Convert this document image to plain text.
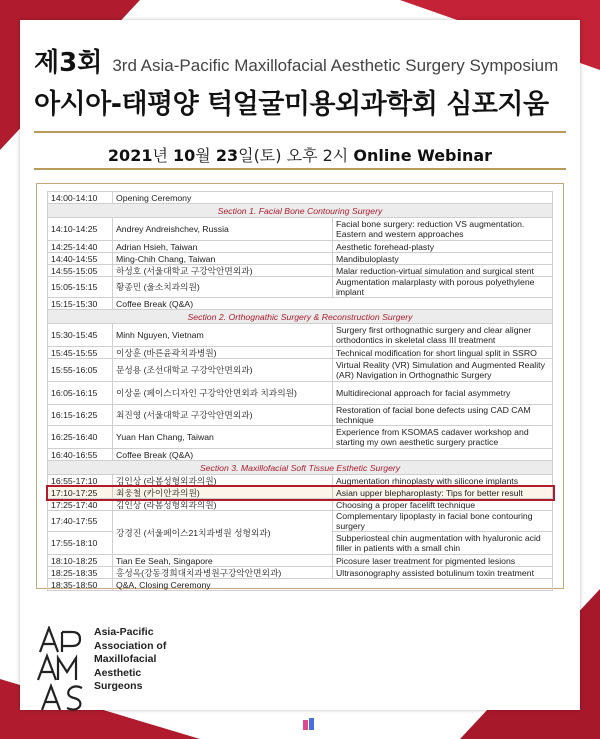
제3회 3rd Asia-Pacific Maxillofacial Aesthetic Surgery Symposium
아시아-태평양 턱얼굴미용외과학회 심포지움
2021년 10월 23일(토) 오후 2시 Online Webinar
14:00-14:10	Opening Ceremony	
Section 1. Facial Bone Contouring Surgery		
14:10-14:25	Andrey Andreishchev, Russia	Facial bone surgery: reduction VS augmentation. Eastern and western approaches
14:25-14:40	Adrian Hsieh, Taiwan	Aesthetic forehead-plasty
14:40-14:55	Ming-Chih Chang, Taiwan	Mandibuloplasty
14:55-15:05	하성호 (서울대학교 구강악안면외과)	Malar reduction-virtual simulation and surgical stent
15:05-15:15	황종민 (울소치과의원)	Augmentation malarplasty with porous polyethylene implant
15:15-15:30	Coffee Break (Q&A)	
Section 2. Orthognathic Surgery & Reconstruction Surgery		
15:30-15:45	Minh Nguyen, Vietnam	Surgery first orthognathic surgery and clear aligner orthodontics in skeletal class III treatment
15:45-15:55	이상훈 (바른윤곽치과병원)	Technical modification for short lingual split in SSRO
15:55-16:05	문성용 (조선대학교 구강악안면외과)	Virtual Reality (VR) Simulation and Augmented Reality (AR) Navigation in Orthognathic Surgery
16:05-16:15	이상윤 (페이스디자인 구강악안면외과 치과의원)	Multidirecional approach for facial asymmetry
16:15-16:25	최진영 (서울대학교 구강악안면외과)	Restoration of facial bone defects using CAD CAM technique
16:25-16:40	Yuan Han Chang, Taiwan	Experience from KSOMAS cadaver workshop and starting my own aesthetic surgery practice
16:40-16:55	Coffee Break (Q&A)	
Section 3. Maxillofacial Soft Tissue Esthetic Surgery		
16:55-17:10	김인상 (라봄성형외과의원)	Augmentation rhinoplasty with silicone implants
17:10-17:25	최웅철 (카이안과의원)	Asian upper blepharoplasty: Tips for better result
17:25-17:40	김인상 (라봄성형외과의원)	Choosing a proper facelift technique
17:40-17:55	강경진 (서울페이스21치과병원 성형외과)	Complementary lipoplasty in facial bone contouring surgery
17:55-18:10		Subperiosteal chin augmentation with hyaluronic acid filler in patients with a small chin
18:10-18:25	Tian Ee Seah, Singapore	Picosure laser treatment for pigmented lesions
18:25-18:35	홍성옥(강동경희대치과병원구강악안면외과)	Ultrasonography assisted botulinum toxin treatment
18:35-18:50	Q&A, Closing Ceremony	
Asia-Pacific
Association of
Maxillofacial
Aesthetic
Surgeons
Sponsored by MEGAGEN
